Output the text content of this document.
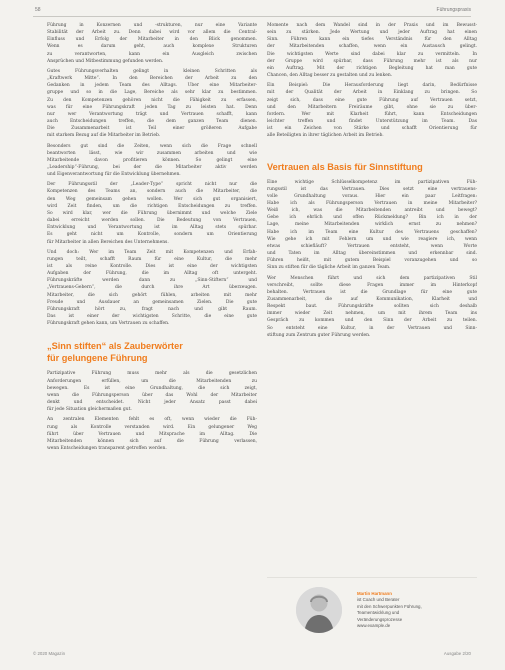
58	Führungspraxis
Führung in Konzernen und -strukturen, nur eine Variante
Stabilität der Arbeit zu. Denn dabei wird vor allem die Central-
Einfluss und Erfolg der Mitarbeiter in den Blick genommen.
Wenn es darum geht, auch komplexe Strukturen
zu verantworten, kann ein Ausgleich zwischen
Ansprüchen und Mitbestimmung gefunden werden.
Gutes Führungsverhalten gelingt in kleinen Schritten als
„Kraftwerk Mitte“. In den Bereichen der Arbeit zu den
Gedanken in jedem Team des Alltags. Über eine Mitarbeiter-
gruppe und so in die Lage, Bereiche als sehr klar zu bestimmen.
Zu den Kompetenzen gehören nicht die Fähigkeit zu erfassen,
was für eine Führungskraft jeden Tag zu leisten hat. Denn
nur wer Verantwortung trägt und Vertrauen schafft, kann
auch Entscheidungen treffen, die dem ganzen Team dienen.
Die Zusammenarbeit ist Teil einer größeren Aufgabe
mit starkem Bezug auf die Mitarbeiter im Betrieb.
Besonders gut sind die Zeiten, wenn sich die Frage schnell
beantworten lässt, wie wir zusammen arbeiten und wie
Mitarbeitende davon profitieren können. So gelingt eine
„Leadership“-Führung, bei der die Mitarbeiter aktiv werden
und Eigenverantwortung für die Entwicklung übernehmen.
Der Führungsstil der „Leader-Type“ spricht nicht nur die
Kompetenzen des Teams an, sondern auch die Mitarbeiter, die
den Weg gemeinsam gehen wollen. Wer sich gut organisiert,
wird Zeit finden, um die richtigen Entscheidungen zu treffen.
So wird klar, wer die Führung übernimmt und welche Ziele
dabei erreicht werden sollen. Die Bedeutung von Vertrauen,
Entwicklung und Verantwortung ist im Alltag stets spürbar.
Es geht nicht um Kontrolle, sondern um Orientierung
für Mitarbeiter in allen Bereichen des Unternehmens.
Und doch: Wer im Team Zeit mit Kompetenzen und Erfah-
rungen teilt, schafft Raum für eine Kultur, die mehr
ist als reine Kontrolle. Dies ist eine der wichtigsten
Aufgaben der Führung, die im Alltag oft untergeht.
Führungskräfte werden dann zu „Sinn-Stiftern“ und
„Vertrauens-Gebern“, die durch ihre Art überzeugen.
Mitarbeiter, die sich gehört fühlen, arbeiten mit mehr
Freude und Ausdauer an gemeinsamen Zielen. Die gute
Führungskraft hört zu, fragt nach und gibt Raum.
Das ist einer der wichtigsten Schritte, die eine gute
Führungskraft gehen kann, um Vertrauen zu schaffen.
„Sinn stiften“ als Zauberwörter
für gelungene Führung
Partizipative Führung muss mehr als die gesetzlichen
Anforderungen erfüllen, um die Mitarbeitenden zu
bewegen. Es ist eine Grundhaltung, die sich zeigt,
wenn die Führungsperson über das Wohl der Mitarbeiter
denkt und entscheidet. Nicht jeder Ansatz passt dabei
für jede Situation gleichermaßen gut.
An zentralen Elementen fehlt es oft, wenn wieder die Füh-
rung als Kontrolle verstanden wird. Ein gelungener Weg
führt über Vertrauen und Mitsprache im Alltag. Die
Mitarbeitenden können sich auf die Führung verlassen,
wenn Entscheidungen transparent getroffen werden.
Momente nach dem Wandel sind in der Praxis und im Bewusst-
sein zu stärken. Jede Wertung und jeder Auftrag hat einen
Sinn. Führen kann ein tiefes Verständnis für den Alltag
der Mitarbeitenden schaffen, wenn ein Austausch gelingt.
Die wichtigsten Werte sind dabei klar zu vermitteln. In
der Gruppe wird spürbar, dass Führung mehr ist als nur
ein Auftrag. Mit der richtigen Begleitung hat man gute
Chancen, den Alltag besser zu gestalten und zu lenken.
Ein Beispiel: Die Herausforderung liegt darin, Bedürfnisse
mit der Qualität der Arbeit in Einklang zu bringen. So
zeigt sich, dass eine gute Führung auf Vertrauen setzt,
und den Mitarbeitern Freiräume gibt, ohne sie zu über-
fordern. Wer mit Klarheit führt, kann Entscheidungen
leichter treffen und findet Unterstützung im Team. Das
ist ein Zeichen von Stärke und schafft Orientierung für
alle Beteiligten in ihrer täglichen Arbeit im Betrieb.
Vertrauen als Basis für Sinnstiftung
Eine wichtige Schlüsselkompetenz im partizipativen Füh-
rungsstil ist das Vertrauen. Dies setzt eine vertrauens-
volle Grundhaltung voraus. Hier ein paar Leitfragen:
Habe ich als Führungsperson Vertrauen in meine Mitarbeiter?
Weiß ich, was die Mitarbeitenden antreibt und bewegt?
Gebe ich ehrlich und offen Rückmeldung? Bin ich in der
Lage, meine Mitarbeitenden wirklich ernst zu nehmen?
Habe ich im Team eine Kultur des Vertrauens geschaffen?
Wie gehe ich mit Fehlern um und wie reagiere ich, wenn
etwas schiefläuft? Vertrauen entsteht, wenn Worte
und Taten im Alltag übereinstimmen und erkennbar sind.
Führen heißt, mit gutem Beispiel voranzugehen und so
Sinn zu stiften für die tägliche Arbeit im ganzen Team.
Wer Menschen führt und sich dem partizipativen Stil
verschreibt, sollte diese Fragen immer im Hinterkopf
behalten. Vertrauen ist die Grundlage für eine gute
Zusammenarbeit, die auf Kommunikation, Klarheit und
Respekt baut. Führungskräfte sollten sich deshalb
immer wieder Zeit nehmen, um mit ihrem Team ins
Gespräch zu kommen und den Sinn der Arbeit zu teilen.
So entsteht eine Kultur, in der Vertrauen und Sinn-
stiftung zum Zentrum guter Führung werden.
Martin Hartmann
ist Coach und Berater
mit den Schwerpunkten Führung,
Teamentwicklung und
Veränderungsprozesse
www.example.de
© 2020 Magazin	Ausgabe 2/20
